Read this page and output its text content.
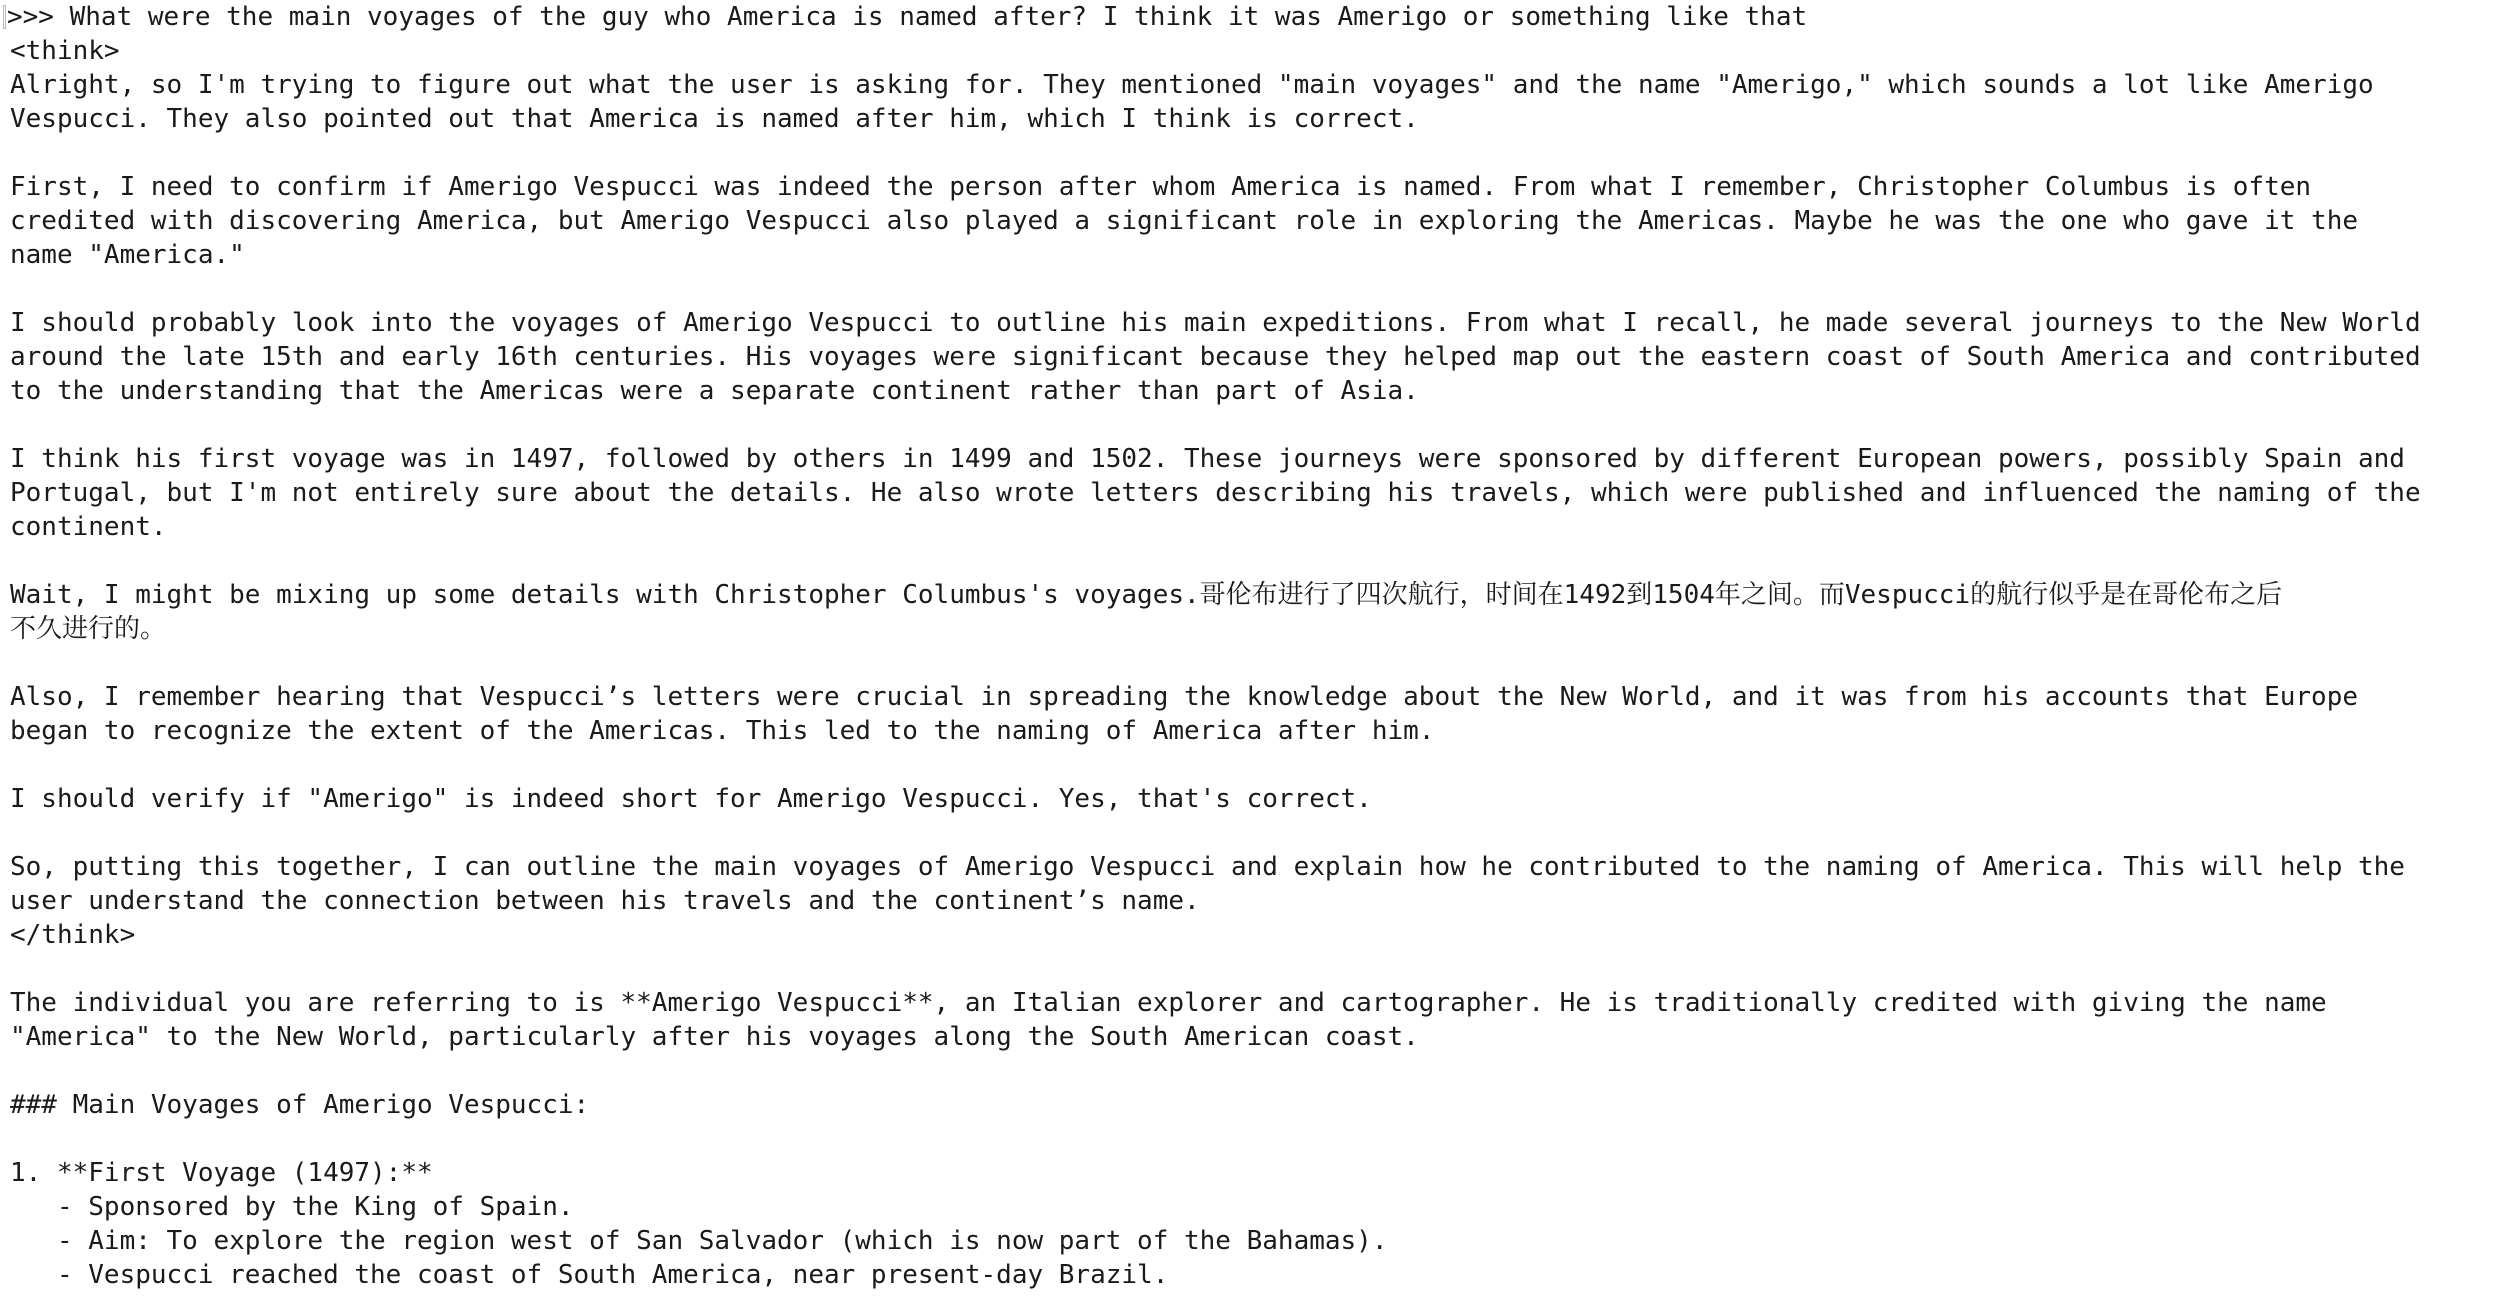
>>> What were the main voyages of the guy who America is named after? I think it was Amerigo or something like that
<think>
Alright, so I'm trying to figure out what the user is asking for. They mentioned "main voyages" and the name "Amerigo," which sounds a lot like Amerigo
Vespucci. They also pointed out that America is named after him, which I think is correct.
First, I need to confirm if Amerigo Vespucci was indeed the person after whom America is named. From what I remember, Christopher Columbus is often
credited with discovering America, but Amerigo Vespucci also played a significant role in exploring the Americas. Maybe he was the one who gave it the
name "America."
I should probably look into the voyages of Amerigo Vespucci to outline his main expeditions. From what I recall, he made several journeys to the New World
around the late 15th and early 16th centuries. His voyages were significant because they helped map out the eastern coast of South America and contributed
to the understanding that the Americas were a separate continent rather than part of Asia.
I think his first voyage was in 1497, followed by others in 1499 and 1502. These journeys were sponsored by different European powers, possibly Spain and
Portugal, but I'm not entirely sure about the details. He also wrote letters describing his travels, which were published and influenced the naming of the
continent.
Wait, I might be mixing up some details with Christopher Columbus's voyages.哥伦布进行了四次航行，时间在1492到1504年之间。而Vespucci的航行似乎是在哥伦布之后
不久进行的。
Also, I remember hearing that Vespucci’s letters were crucial in spreading the knowledge about the New World, and it was from his accounts that Europe
began to recognize the extent of the Americas. This led to the naming of America after him.
I should verify if "Amerigo" is indeed short for Amerigo Vespucci. Yes, that's correct.
So, putting this together, I can outline the main voyages of Amerigo Vespucci and explain how he contributed to the naming of America. This will help the
user understand the connection between his travels and the continent’s name.
</think>
The individual you are referring to is **Amerigo Vespucci**, an Italian explorer and cartographer. He is traditionally credited with giving the name
"America" to the New World, particularly after his voyages along the South American coast.
### Main Voyages of Amerigo Vespucci:
1. **First Voyage (1497):**
- Sponsored by the King of Spain.
- Aim: To explore the region west of San Salvador (which is now part of the Bahamas).
- Vespucci reached the coast of South America, near present-day Brazil.
